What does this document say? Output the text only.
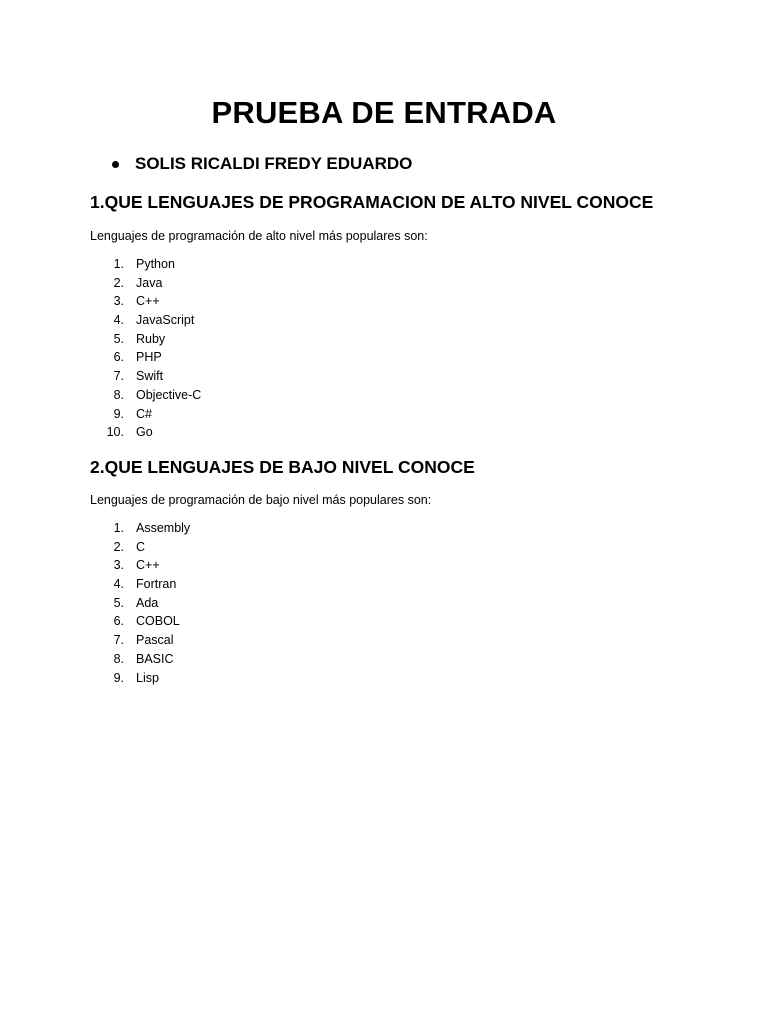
PRUEBA DE ENTRADA
SOLIS RICALDI FREDY EDUARDO
1.QUE LENGUAJES DE PROGRAMACION DE ALTO NIVEL CONOCE

Lenguajes de programación de alto nivel más populares son:

1. Python
2. Java
3. C++
4. JavaScript
5. Ruby
6. PHP
7. Swift
8. Objective-C
9. C#
10. Go
2.QUE LENGUAJES DE BAJO NIVEL CONOCE

Lenguajes de programación de bajo nivel más populares son:

1. Assembly
2. C
3. C++
4. Fortran
5. Ada
6. COBOL
7. Pascal
8. BASIC
9. Lisp
